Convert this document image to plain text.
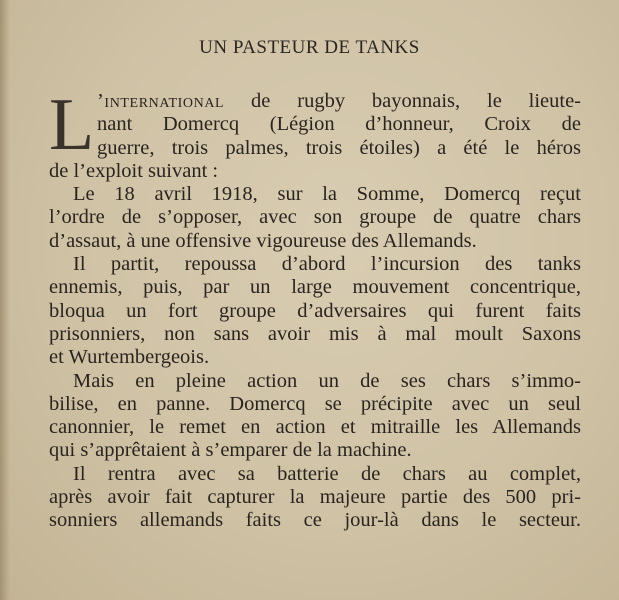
UN PASTEUR DE TANKS
L ’international de rugby bayonnais, le lieute-
nant Domercq (Légion d’honneur, Croix de
guerre, trois palmes, trois étoiles) a été le héros
de l’exploit suivant :
Le 18 avril 1918, sur la Somme, Domercq reçut
l’ordre de s’opposer, avec son groupe de quatre chars
d’assaut, à une offensive vigoureuse des Allemands.
Il partit, repoussa d’abord l’incursion des tanks
ennemis, puis, par un large mouvement concentrique,
bloqua un fort groupe d’adversaires qui furent faits
prisonniers, non sans avoir mis à mal moult Saxons
et Wurtembergeois.
Mais en pleine action un de ses chars s’immo-
bilise, en panne. Domercq se précipite avec un seul
canonnier, le remet en action et mitraille les Allemands
qui s’apprêtaient à s’emparer de la machine.
Il rentra avec sa batterie de chars au complet,
après avoir fait capturer la majeure partie des 500 pri-
sonniers allemands faits ce jour-là dans le secteur.
